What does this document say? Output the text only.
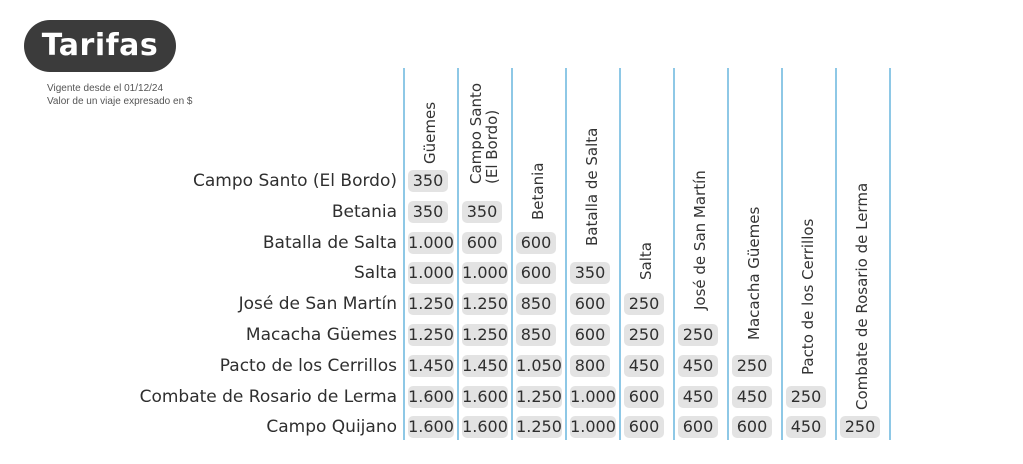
Tarifas
Vigente desde el 01/12/24
Valor de un viaje expresado en $
Güemes Campo Santo
(El Bordo)
Betania Batalla de Salta
Salta José de San Martín Macacha Güemes Pacto de los Cerrillos Combate de Rosario de Lerma
Campo Santo (El Bordo) 350
Betania 350 350
Batalla de Salta 1.000 600 600
Salta 1.000 1.000 600 350
José de San Martín 1.250 1.250 850 600 250
Macacha Güemes 1.250 1.250 850 600 250 250
Pacto de los Cerrillos 1.450 1.450 1.050 800 450 450 250
Combate de Rosario de Lerma 1.600 1.600 1.250 1.000 600 450 450 250
Campo Quijano 1.600 1.600 1.250 1.000 600 600 600 450 250
